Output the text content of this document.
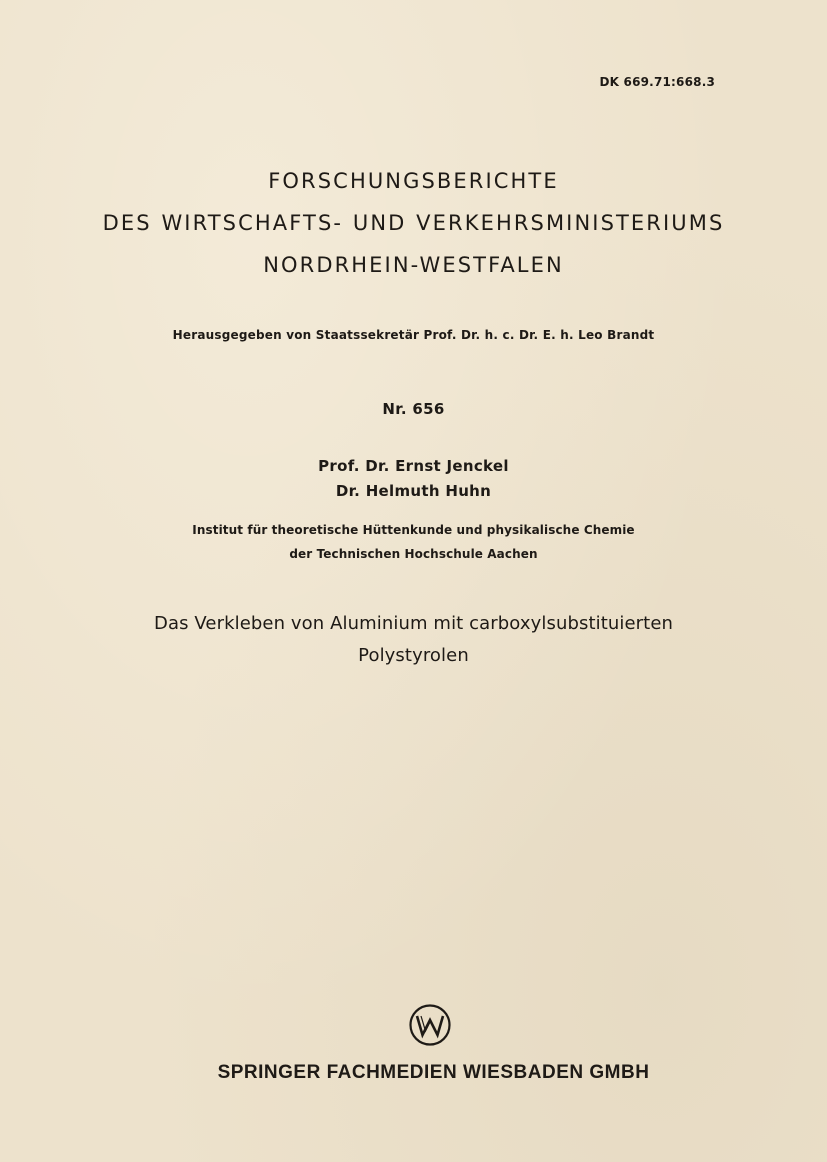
DK 669.71:668.3
FORSCHUNGSBERICHTE
DES WIRTSCHAFTS- UND VERKEHRSMINISTERIUMS
NORDRHEIN-WESTFALEN
Herausgegeben von Staatssekretär Prof. Dr. h. c. Dr. E. h. Leo Brandt
Nr. 656
Prof. Dr. Ernst Jenckel
Dr. Helmuth Huhn
Institut für theoretische Hüttenkunde und physikalische Chemie
der Technischen Hochschule Aachen
Das Verkleben von Aluminium mit carboxylsubstituierten
Polystyrolen
SPRINGER FACHMEDIEN WIESBADEN GMBH
